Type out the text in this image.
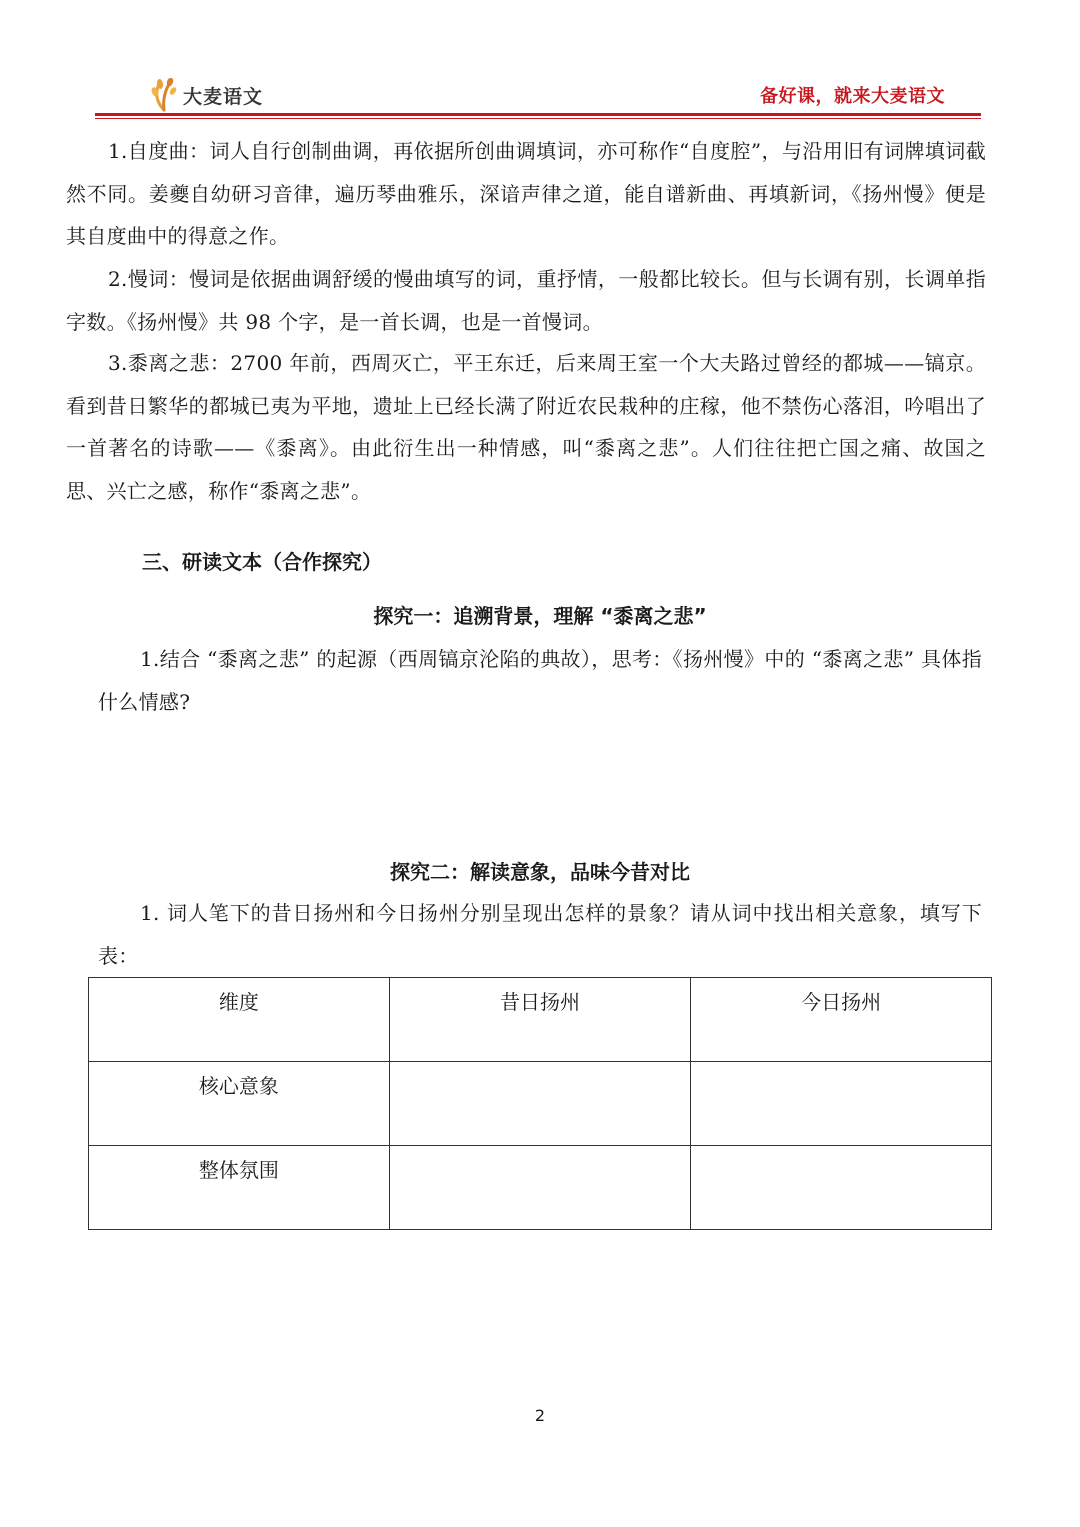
大麦语文	备好课，就来大麦语文

1.自度曲：词人自行创制曲调，再依据所创曲调填词，亦可称作“自度腔”，与沿用旧有词牌填词截然不同。姜夔自幼研习音律，遍历琴曲雅乐，深谙声律之道，能自谱新曲、再填新词，《扬州慢》便是其自度曲中的得意之作。

2.慢词：慢词是依据曲调舒缓的慢曲填写的词，重抒情，一般都比较长。但与长调有别，长调单指字数。《扬州慢》共 98 个字，是一首长调，也是一首慢词。

3.黍离之悲：2700 年前，西周灭亡，平王东迁，后来周王室一个大夫路过曾经的都城——镐京。看到昔日繁华的都城已夷为平地，遗址上已经长满了附近农民栽种的庄稼，他不禁伤心落泪，吟唱出了一首著名的诗歌——《黍离》。由此衍生出一种情感，叫“黍离之悲”。人们往往把亡国之痛、故国之思、兴亡之感，称作“黍离之悲”。

三、研读文本（合作探究）
探究一：追溯背景，理解 “黍离之悲”

1.结合 “黍离之悲” 的起源（西周镐京沦陷的典故），思考：《扬州慢》中的 “黍离之悲” 具体指什么情感?

探究二：解读意象，品味今昔对比

1. 词人笔下的昔日扬州和今日扬州分别呈现出怎样的景象？请从词中找出相关意象，填写下表：

维度	昔日扬州	今日扬州
核心意象		
整体氛围		
2
